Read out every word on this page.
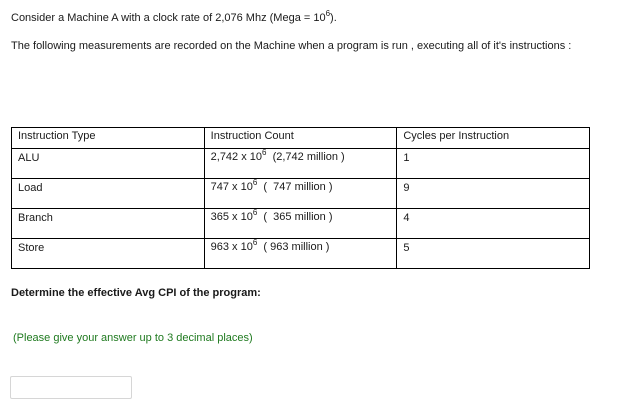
Consider a Machine A with a clock rate of 2,076 Mhz (Mega = $10^6$).
The following measurements are recorded on the Machine when a program is run , executing all of it's instructions :
Instruction Type	Instruction Count	Cycles per Instruction
ALU	2,742 x $10^6$  (2,742 million )	1
Load	747 x $10^6$  (  747 million )	9
Branch	365 x $10^6$  (  365 million )	4
Store	963 x $10^6$  ( 963 million )	5
Determine the effective Avg CPI of the program:
(Please give your answer up to 3 decimal places)
